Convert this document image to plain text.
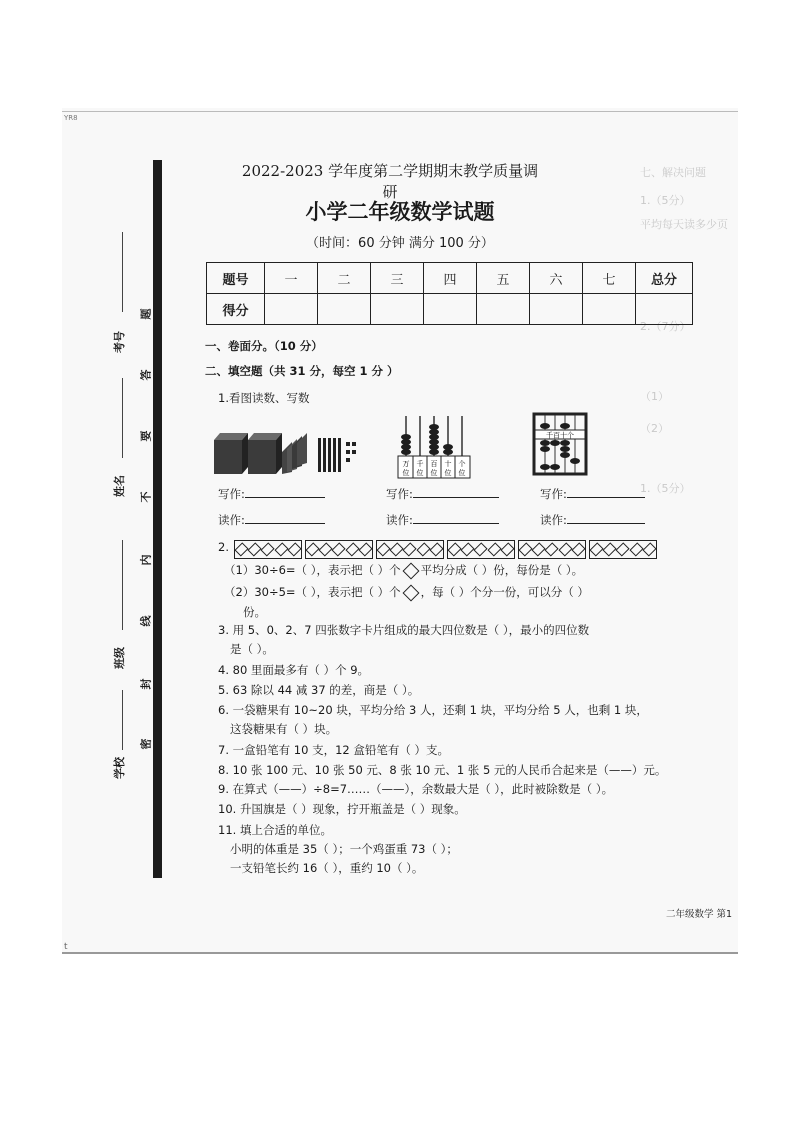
YR8
七、解决问题
1.（5分）
平均每天读多少页
2.（7分）
（1）
（2）
1.（5分）
考号
姓名
班级
学校
题
答
要
不
内
线
封
密
2022-2023 学年度第二学期期末教学质量调研
小学二年级数学试题
（时间：60 分钟 满分 100 分）
题号	一	二	三	四	五	六	七	总分
得分								
一、卷面分。（10 分）
二、填空题（共 31 分，每空 1 分 ）
1.看图读数、写数
万 千 百 十 个
位 位 位 位 位
千百十个
写作:
读作:
写作:
读作:
写作:
读作:
2.
（1）30÷6=（ ），表示把（ ）个 平均分成（ ）份，每份是（ ）。
（2）30÷5=（ ），表示把（ ）个 ，每（ ）个分一份，可以分（ ）
份。
3. 用 5、0、2、7 四张数字卡片组成的最大四位数是（ ），最小的四位数
是（ ）。
4. 80 里面最多有（ ）个 9。
5. 63 除以 44 减 37 的差，商是（ ）。
6. 一袋糖果有 10~20 块，平均分给 3 人，还剩 1 块，平均分给 5 人，也剩 1 块，
这袋糖果有（ ）块。
7. 一盒铅笔有 10 支，12 盒铅笔有（ ）支。
8. 10 张 100 元、10 张 50 元、8 张 10 元、1 张 5 元的人民币合起来是（——）元。
9. 在算式（——）÷8=7……（——），余数最大是（ ），此时被除数是（ ）。
10. 升国旗是（ ）现象，拧开瓶盖是（ ）现象。
11. 填上合适的单位。
小明的体重是 35（ ）；一个鸡蛋重 73（ ）；
一支铅笔长约 16（ ），重约 10（ ）。
二年级数学 第1
t
